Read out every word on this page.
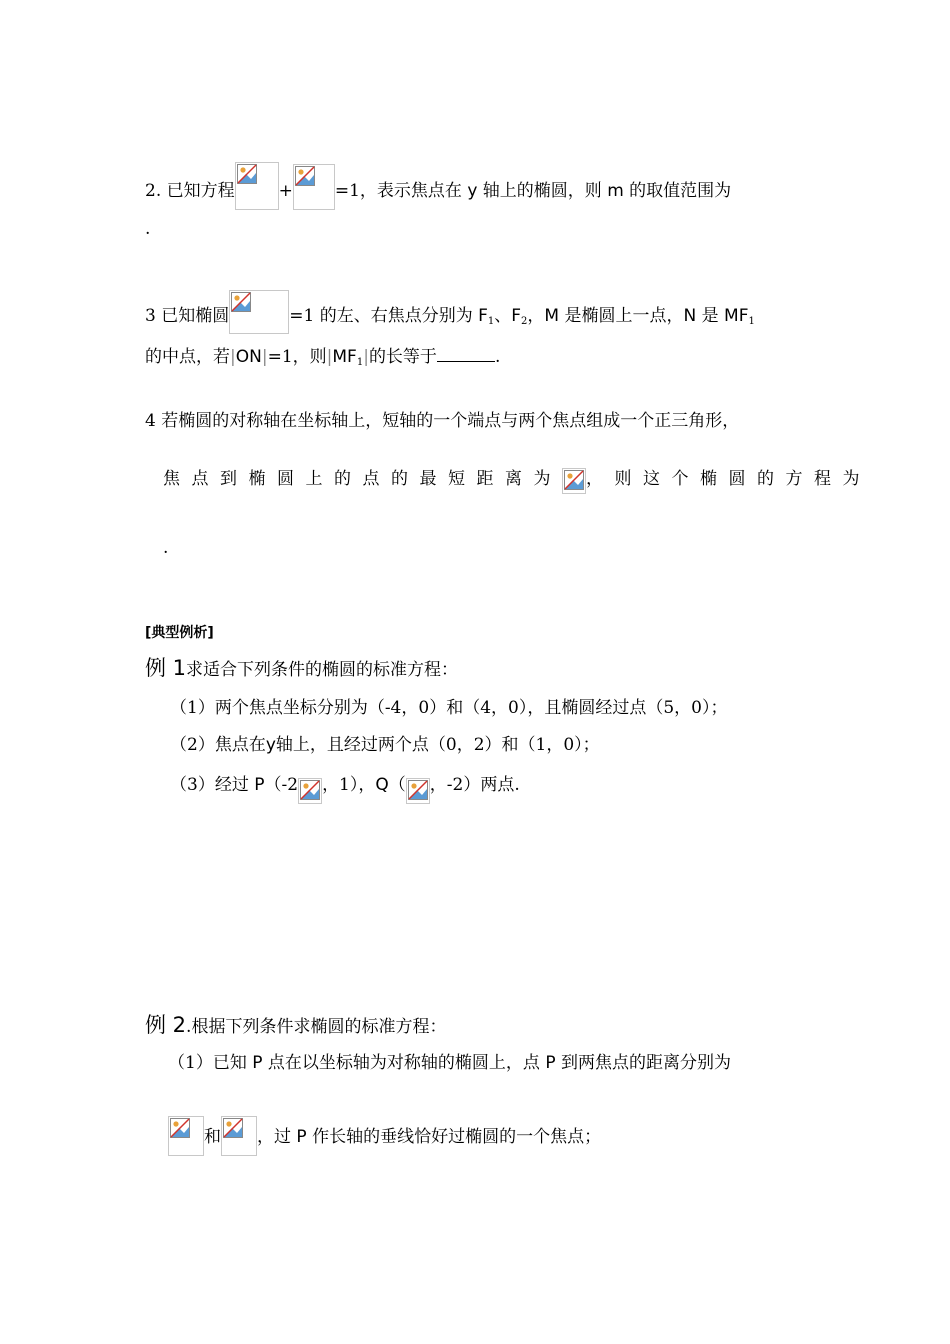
2. 已知方程	+ =1，表示焦点在 y 轴上的椭圆，则 m 的取值范围为
.
3 已知椭圆	=1 的左、右焦点分别为 $F_1$、$F_2$，M 是椭圆上一点，N 是 $MF_1$
的中点，若|ON|=1，则$|MF_1|$的长等于	.
4 若椭圆的对称轴在坐标轴上，短轴的一个端点与两个焦点组成一个正三角形，
焦点到椭圆上的点的最短距离为 ，则这个椭圆的方程为
.
[典型例析]
例 1求适合下列条件的椭圆的标准方程：
（1）两个焦点坐标分别为（-4，0）和（4，0），且椭圆经过点（5，0）；
（2）焦点在y轴上，且经过两个点（0，2）和（1，0）；
（3）经过 P（-2 ，1），Q（ ，-2）两点.
例 2.根据下列条件求椭圆的标准方程：
（1）已知 P 点在以坐标轴为对称轴的椭圆上，点 P 到两焦点的距离分别为
和 ，过 P 作长轴的垂线恰好过椭圆的一个焦点；
